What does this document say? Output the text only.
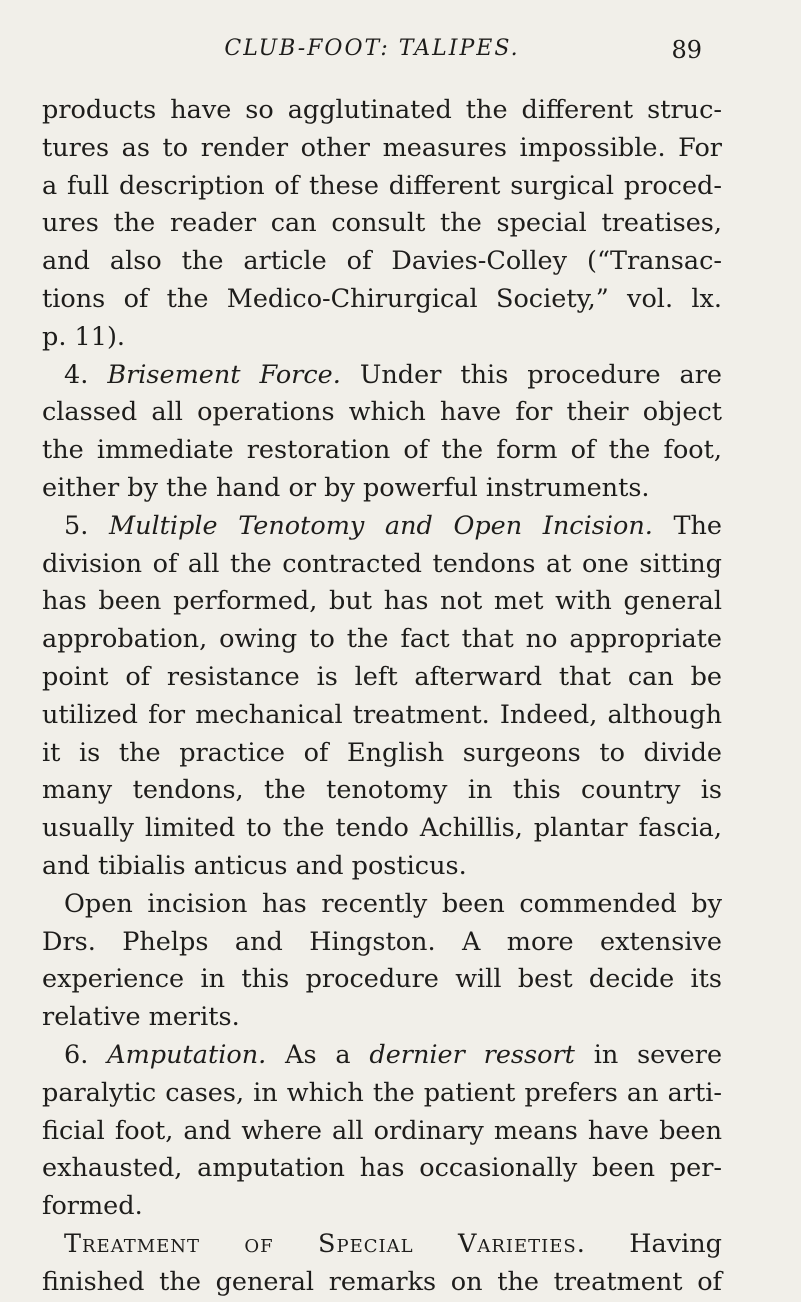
CLUB-FOOT: TALIPES.	89
products have so agglutinated the different struc-
tures as to render other measures impossible. For
a full description of these different surgical proced-
ures the reader can consult the special treatises,
and also the article of Davies-Colley (“Transac-
tions of the Medico-Chirurgical Society,” vol. lx.
p. 11).
4. Brisement Force. Under this procedure are
classed all operations which have for their object
the immediate restoration of the form of the foot,
either by the hand or by powerful instruments.
5. Multiple Tenotomy and Open Incision. The
division of all the contracted tendons at one sitting
has been performed, but has not met with general
approbation, owing to the fact that no appropriate
point of resistance is left afterward that can be
utilized for mechanical treatment. Indeed, although
it is the practice of English surgeons to divide
many tendons, the tenotomy in this country is
usually limited to the tendo Achillis, plantar fascia,
and tibialis anticus and posticus.
Open incision has recently been commended by
Drs. Phelps and Hingston. A more extensive
experience in this procedure will best decide its
relative merits.
6. Amputation. As a dernier ressort in severe
paralytic cases, in which the patient prefers an arti-
ficial foot, and where all ordinary means have been
exhausted, amputation has occasionally been per-
formed.
Treatment of Special Varieties. Having
finished the general remarks on the treatment of
